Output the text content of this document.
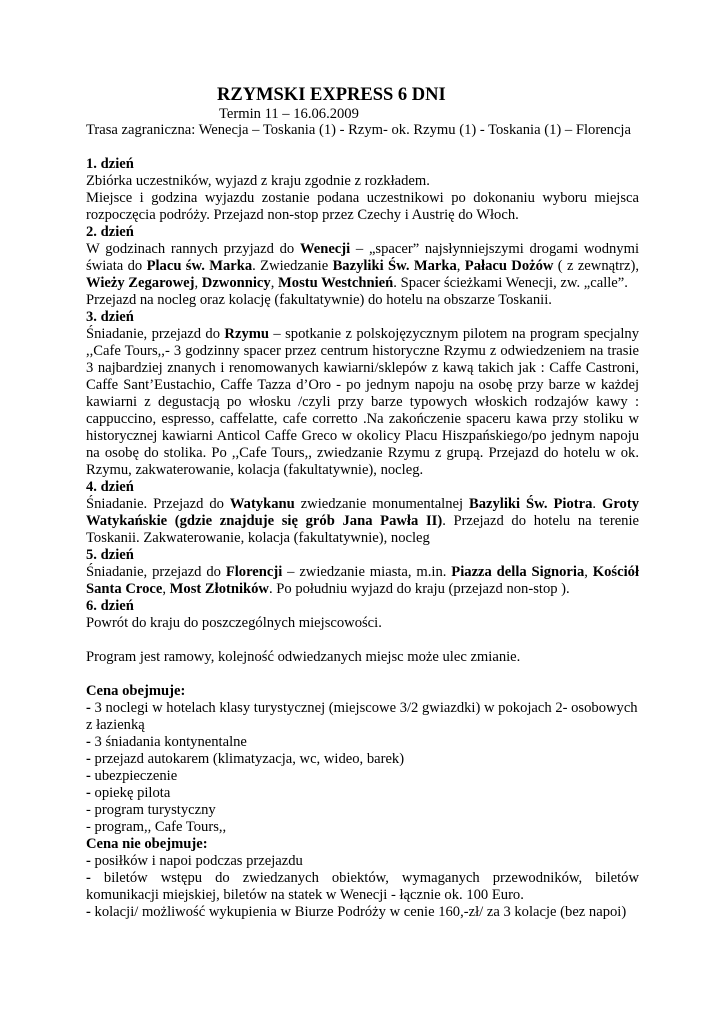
RZYMSKI EXPRESS 6 DNI
Termin 11 – 16.06.2009
Trasa zagraniczna: Wenecja – Toskania (1) - Rzym- ok. Rzymu (1) - Toskania (1) – Florencja

1. dzień

Zbiórka uczestników, wyjazd z kraju zgodnie z rozkładem.

Miejsce i godzina wyjazdu zostanie podana uczestnikowi po dokonaniu wyboru miejsca rozpoczęcia podróży. Przejazd non-stop przez Czechy i Austrię do Włoch.

2. dzień

W godzinach rannych przyjazd do Wenecji – „spacer” najsłynniejszymi drogami wodnymi świata do Placu św. Marka. Zwiedzanie Bazyliki Św. Marka, Pałacu Dożów ( z zewnątrz), Wieży Zegarowej, Dzwonnicy, Mostu Westchnień. Spacer ścieżkami Wenecji, zw. „calle”.

Przejazd na nocleg oraz kolację (fakultatywnie) do hotelu na obszarze Toskanii.

3. dzień

Śniadanie, przejazd do Rzymu – spotkanie z polskojęzycznym pilotem na program specjalny ,,Cafe Tours,,- 3 godzinny spacer przez centrum historyczne Rzymu z odwiedzeniem na trasie 3 najbardziej znanych i renomowanych kawiarni/sklepów z kawą takich jak : Caffe Castroni, Caffe Sant’Eustachio, Caffe Tazza d’Oro - po jednym napoju na osobę przy barze w każdej kawiarni z degustacją po włosku /czyli przy barze typowych włoskich rodzajów kawy : cappuccino, espresso, caffelatte, cafe corretto .Na zakończenie spaceru kawa przy stoliku w historycznej kawiarni Anticol Caffe Greco w okolicy Placu Hiszpańskiego/po jednym napoju na osobę do stolika. Po ,,Cafe Tours,, zwiedzanie Rzymu z grupą. Przejazd do hotelu w ok. Rzymu, zakwaterowanie, kolacja (fakultatywnie), nocleg.

4. dzień

Śniadanie. Przejazd do Watykanu zwiedzanie monumentalnej Bazyliki Św. Piotra. Groty Watykańskie (gdzie znajduje się grób Jana Pawła II). Przejazd do hotelu na terenie Toskanii. Zakwaterowanie, kolacja (fakultatywnie), nocleg

5. dzień

Śniadanie, przejazd do Florencji – zwiedzanie miasta, m.in. Piazza della Signoria, Kościół Santa Croce, Most Złotników. Po południu wyjazd do kraju (przejazd non-stop ).

6. dzień

Powrót do kraju do poszczególnych miejscowości.

Program jest ramowy, kolejność odwiedzanych miejsc może ulec zmianie.

Cena obejmuje:

- 3 noclegi w hotelach klasy turystycznej (miejscowe 3/2 gwiazdki) w pokojach 2- osobowych z łazienką
- 3 śniadania kontynentalne
- przejazd autokarem (klimatyzacja, wc, wideo, barek)
- ubezpieczenie
- opiekę pilota
- program turystyczny
- program,, Cafe Tours,,

Cena nie obejmuje:

- posiłków i napoi podczas przejazdu
- biletów wstępu do zwiedzanych obiektów, wymaganych przewodników, biletów komunikacji miejskiej, biletów na statek w Wenecji - łącznie ok. 100 Euro.
- kolacji/ możliwość wykupienia w Biurze Podróży w cenie 160,-zł/ za 3 kolacje (bez napoi)
